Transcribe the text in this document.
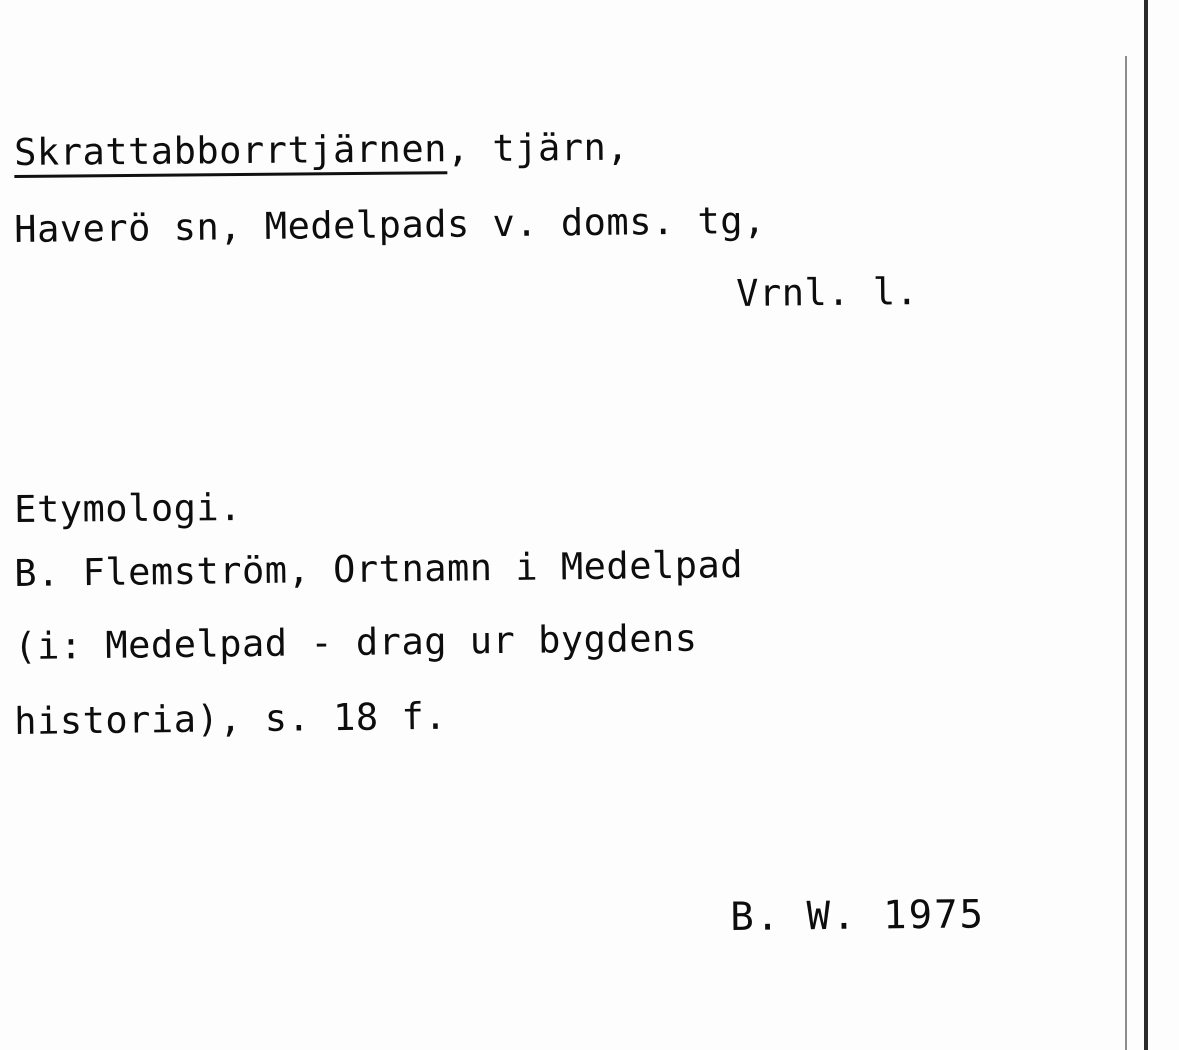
Skrattabborrtjärnen, tjärn,
Haverö sn, Medelpads v. doms. tg,
Vrnl. l.
Etymologi.
B. Flemström, Ortnamn i Medelpad
(i: Medelpad - drag ur bygdens
historia), s. 18 f.
B. W. 1975
